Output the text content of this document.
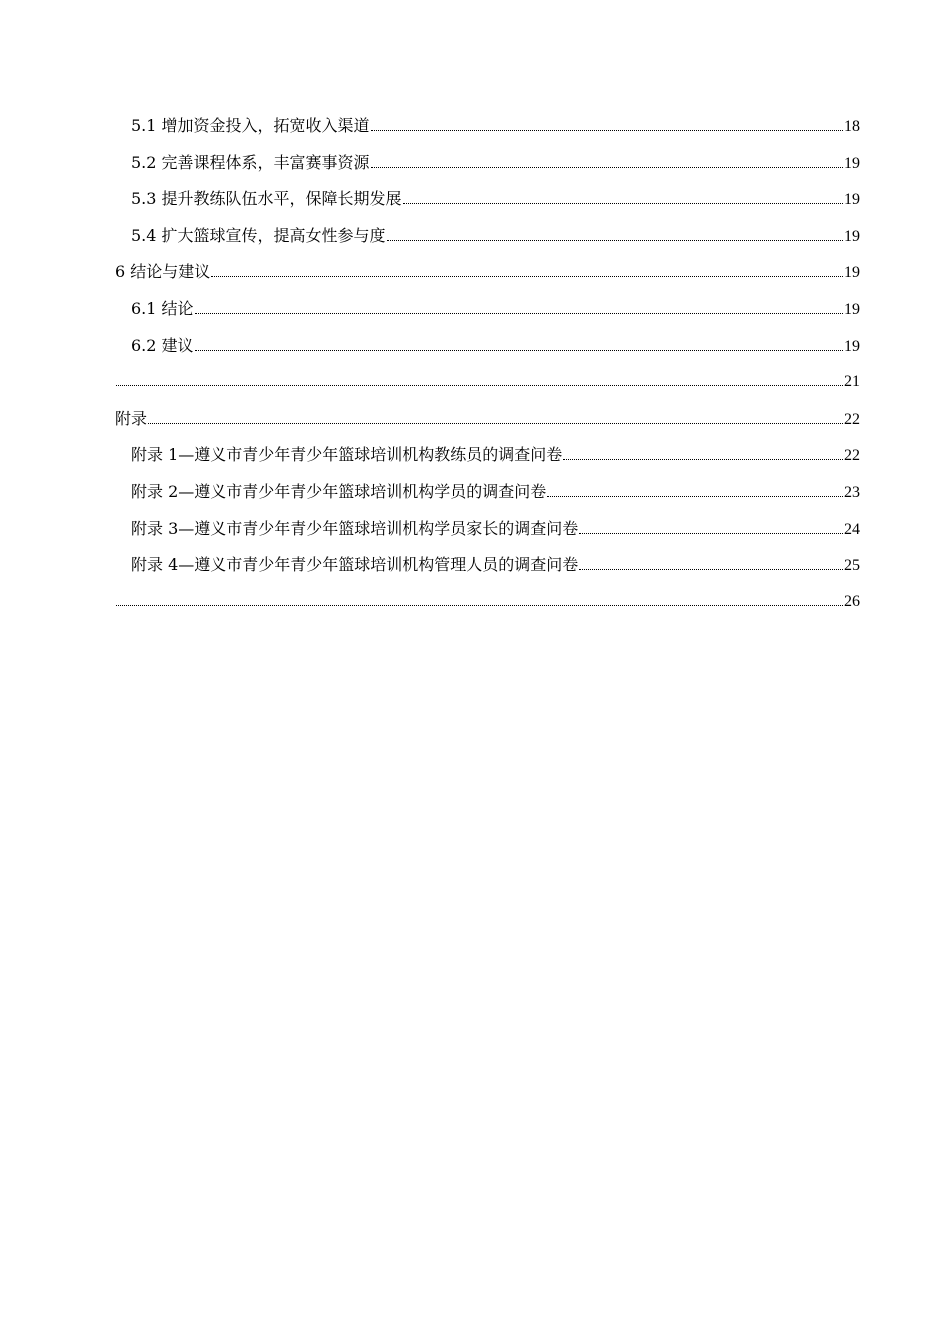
5.1 增加资金投入，拓宽收入渠道	18
5.2 完善课程体系，丰富赛事资源	19
5.3 提升教练队伍水平，保障长期发展	19
5.4 扩大篮球宣传，提高女性参与度	19
6 结论与建议	19
6.1 结论	19
6.2 建议	19
21
附录	22
附录 1—遵义市青少年青少年篮球培训机构教练员的调查问卷	22
附录 2—遵义市青少年青少年篮球培训机构学员的调查问卷	23
附录 3—遵义市青少年青少年篮球培训机构学员家长的调查问卷	24
附录 4—遵义市青少年青少年篮球培训机构管理人员的调查问卷	25
26
